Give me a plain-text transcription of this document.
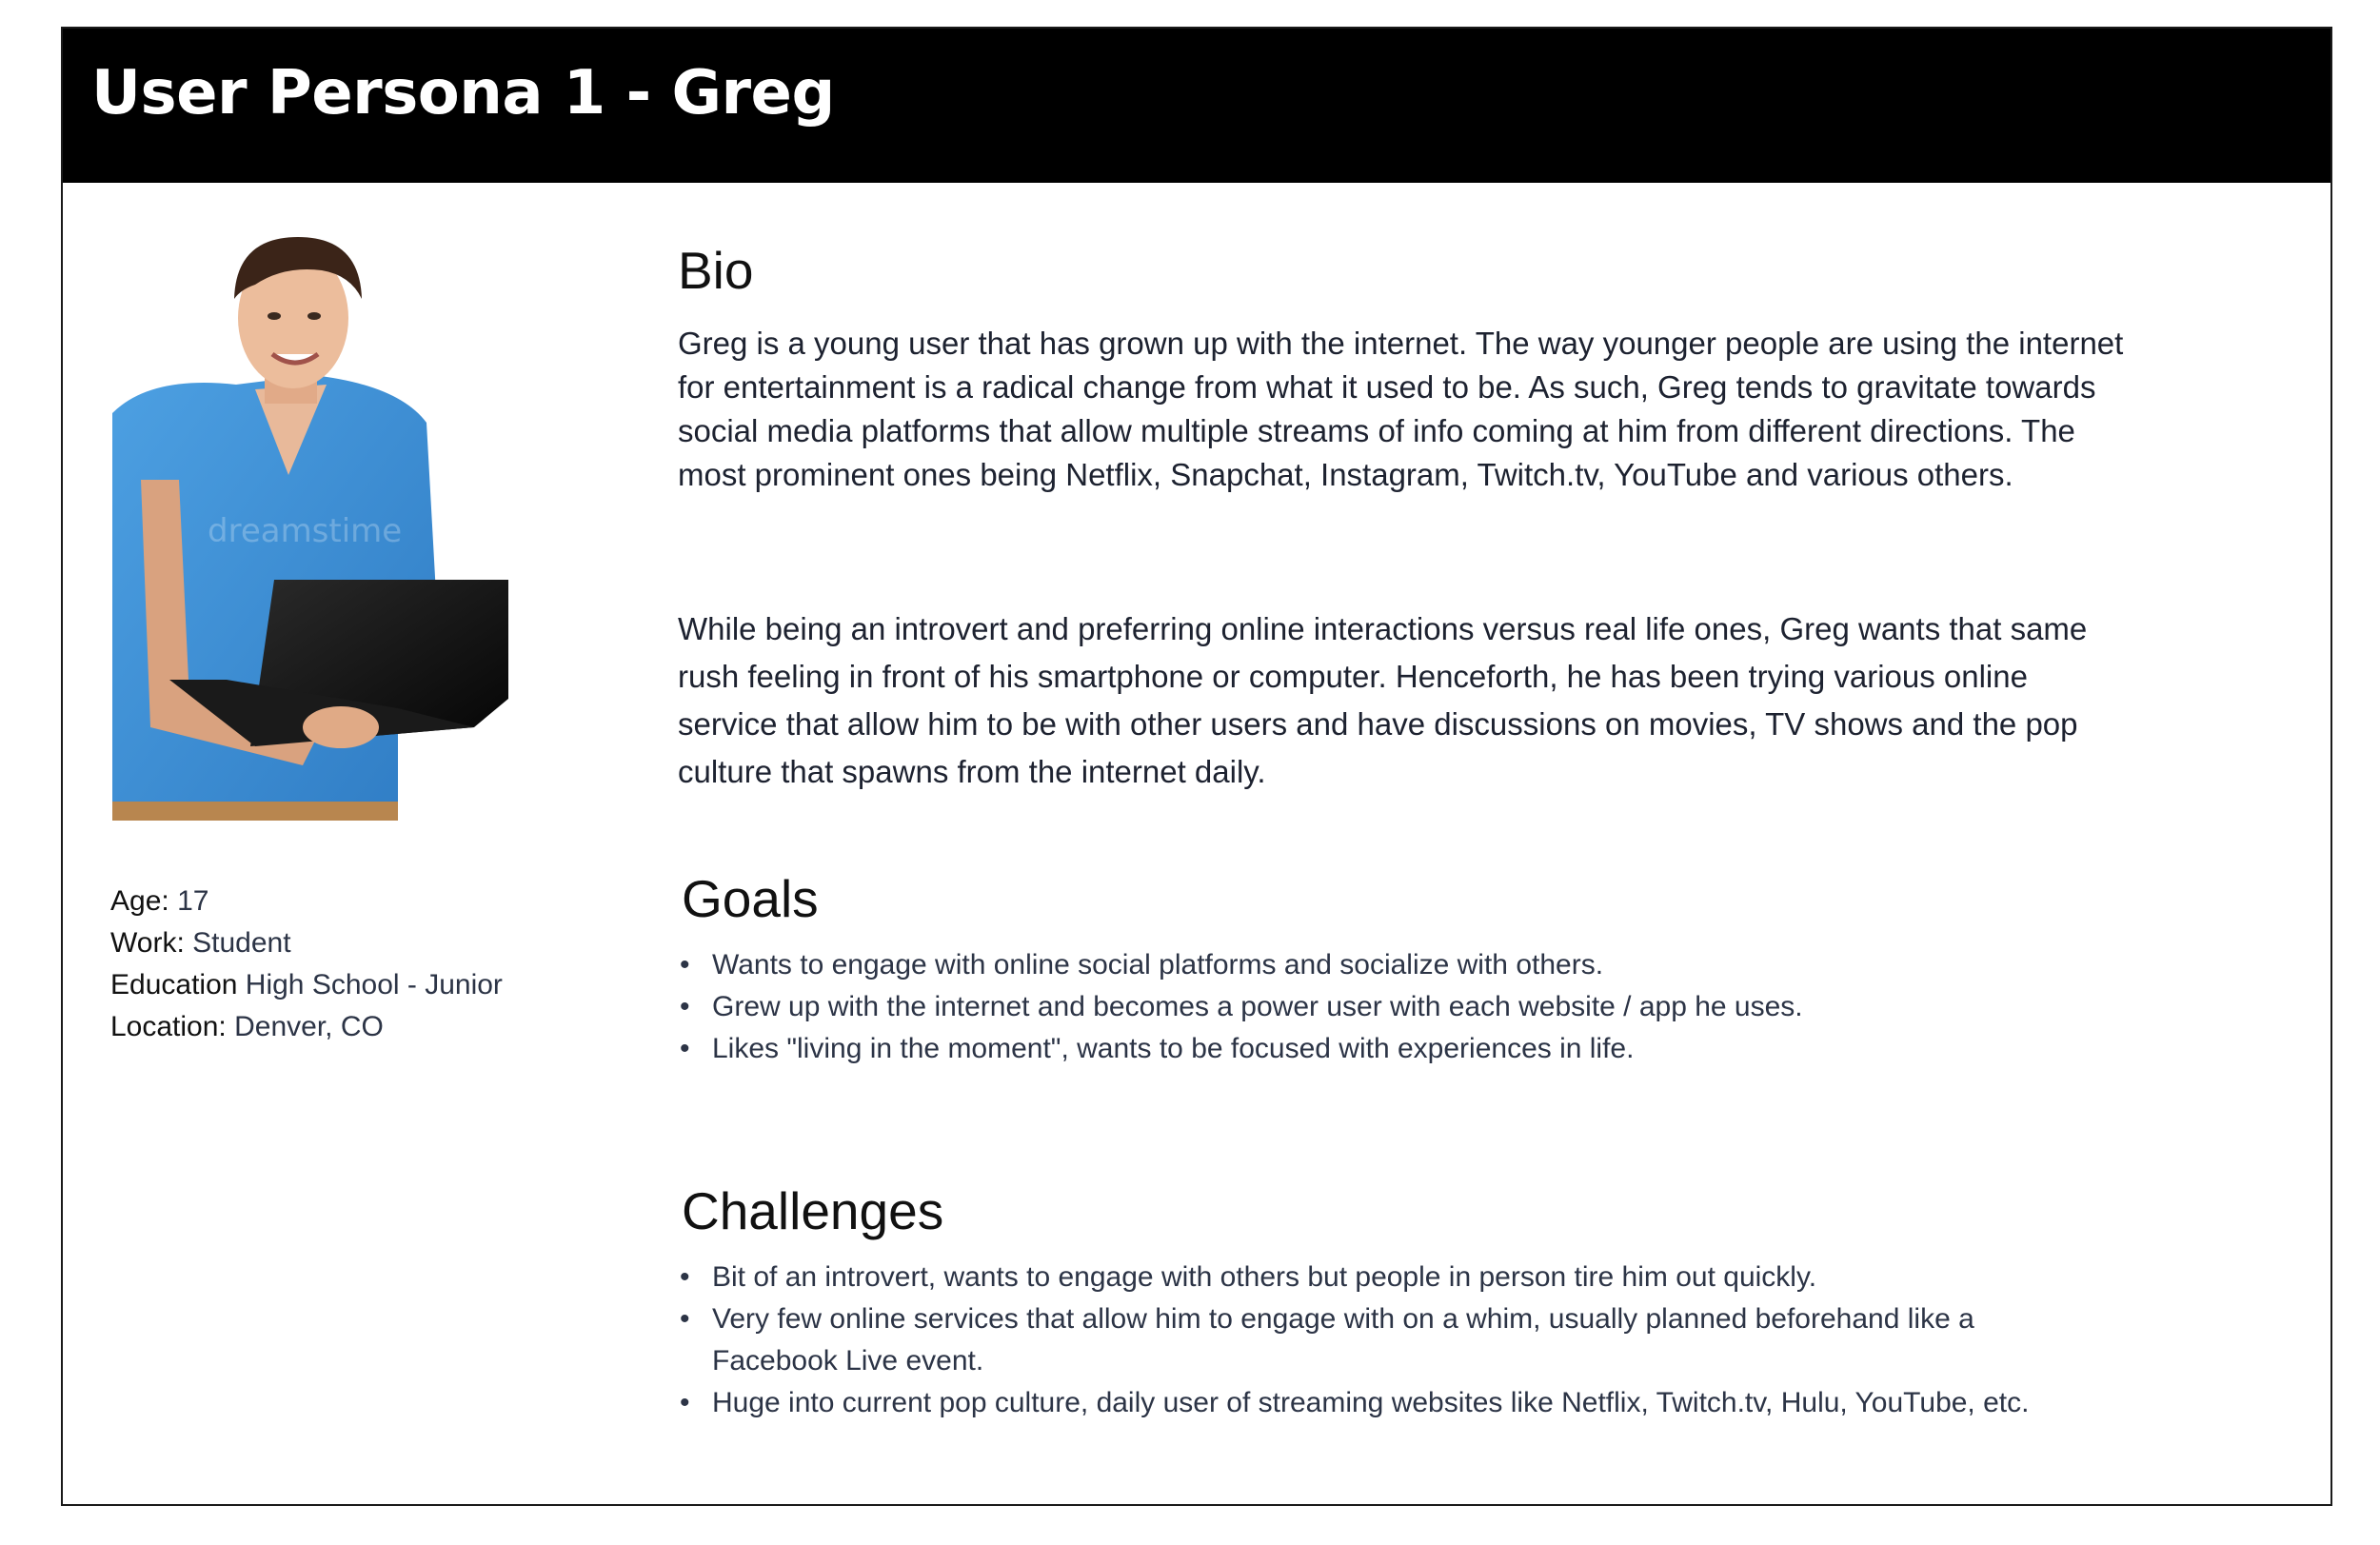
User Persona 1 - Greg
dreamstime
Age: 17
Work: Student
Education High School - Junior
Location: Denver, CO
Bio

Greg is a young user that has grown up with the internet. The way younger people are using the internet for entertainment is a radical change from what it used to be. As such, Greg tends to gravitate towards social media platforms that allow multiple streams of info coming at him from different directions. The most prominent ones being Netflix, Snapchat, Instagram, Twitch.tv, YouTube and various others.

While being an introvert and preferring online interactions versus real life ones, Greg wants that same rush feeling in front of his smartphone or computer. Henceforth, he has been trying various online service that allow him to be with other users and have discussions on movies, TV shows and the pop culture that spawns from the internet daily.

Goals
• Wants to engage with online social platforms and socialize with others.
• Grew up with the internet and becomes a power user with each website / app he uses.
• Likes "living in the moment", wants to be focused with experiences in life.
Challenges
• Bit of an introvert, wants to engage with others but people in person tire him out quickly.
• Very few online services that allow him to engage with on a whim, usually planned beforehand like a Facebook Live event.
• Huge into current pop culture, daily user of streaming websites like Netflix, Twitch.tv, Hulu, YouTube, etc.
